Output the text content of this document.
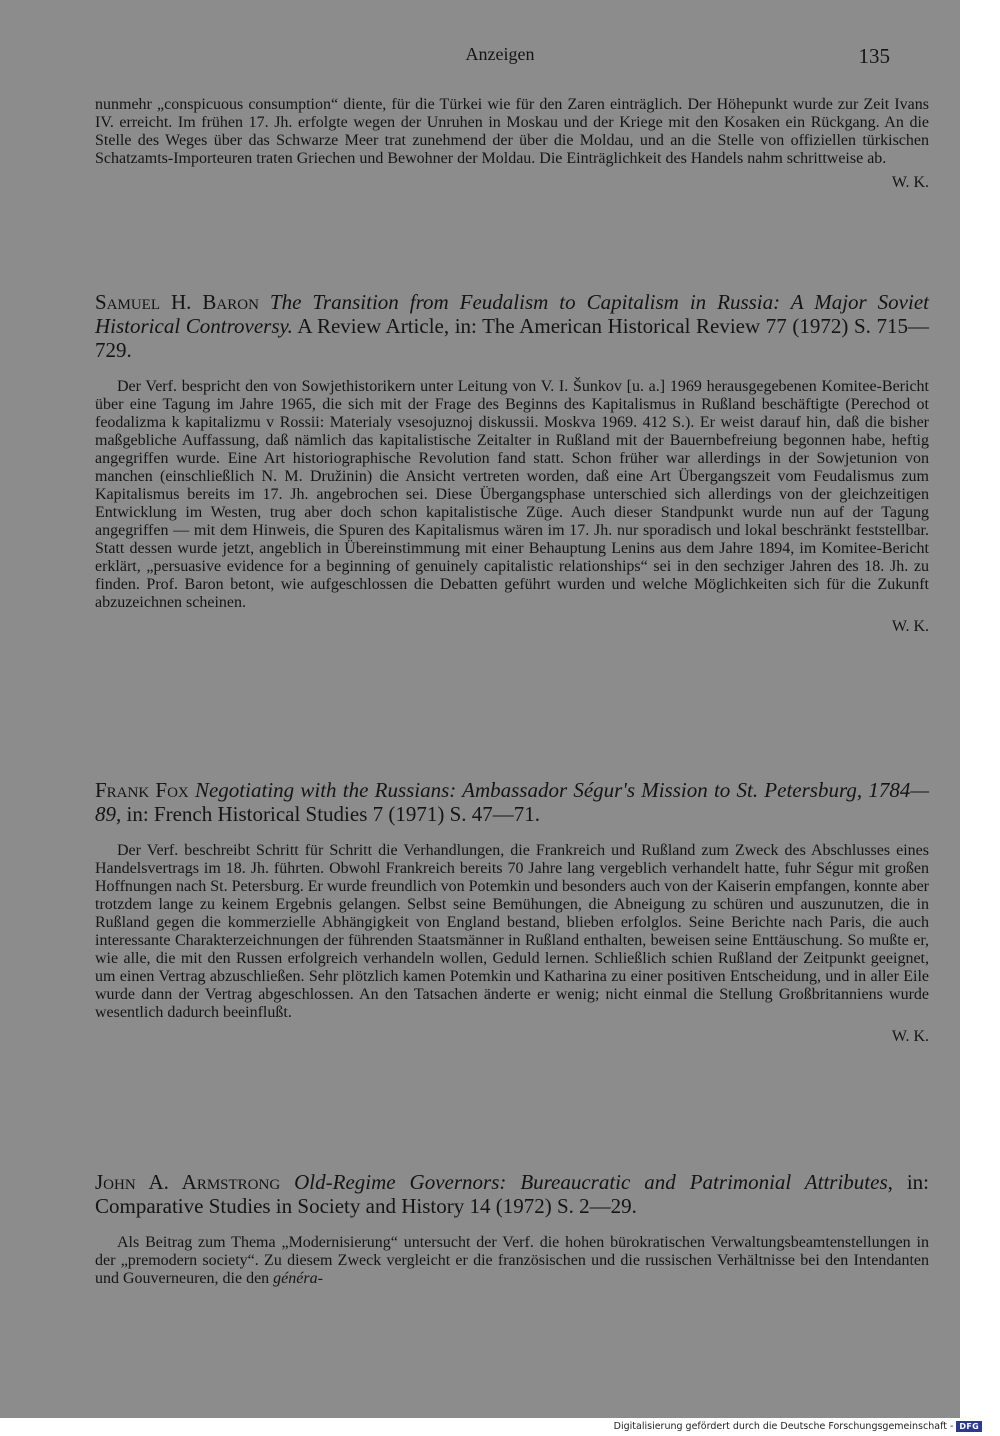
Anzeigen	135

nunmehr „conspicuous consumption“ diente, für die Türkei wie für den Zaren einträglich. Der Höhepunkt wurde zur Zeit Ivans IV. erreicht. Im frühen 17. Jh. erfolgte wegen der Unruhen in Moskau und der Kriege mit den Kosaken ein Rückgang. An die Stelle des Weges über das Schwarze Meer trat zunehmend der über die Moldau, und an die Stelle von offiziellen türkischen Schatzamts-Importeuren traten Griechen und Bewohner der Moldau. Die Einträglichkeit des Handels nahm schrittweise ab.

W. K.

Samuel H. Baron The Transition from Feudalism to Capitalism in Russia: A Major Soviet Historical Controversy. A Review Article, in: The American Historical Review 77 (1972) S. 715—729.

Der Verf. bespricht den von Sowjethistorikern unter Leitung von V. I. Šunkov [u. a.] 1969 herausgegebenen Komitee-Bericht über eine Tagung im Jahre 1965, die sich mit der Frage des Beginns des Kapitalismus in Rußland beschäftigte (Perechod ot feodalizma k kapitalizmu v Rossii: Materialy vsesojuznoj diskussii. Moskva 1969. 412 S.). Er weist darauf hin, daß die bisher maßgebliche Auffassung, daß nämlich das kapitalistische Zeitalter in Rußland mit der Bauernbefreiung begonnen habe, heftig angegriffen wurde. Eine Art historiographische Revolution fand statt. Schon früher war allerdings in der Sowjetunion von manchen (einschließlich N. M. Družinin) die Ansicht vertreten worden, daß eine Art Übergangszeit vom Feudalismus zum Kapitalismus bereits im 17. Jh. angebrochen sei. Diese Übergangsphase unterschied sich allerdings von der gleichzeitigen Entwicklung im Westen, trug aber doch schon kapitalistische Züge. Auch dieser Standpunkt wurde nun auf der Tagung angegriffen — mit dem Hinweis, die Spuren des Kapitalismus wären im 17. Jh. nur sporadisch und lokal beschränkt feststellbar. Statt dessen wurde jetzt, angeblich in Übereinstimmung mit einer Behauptung Lenins aus dem Jahre 1894, im Komitee-Bericht erklärt, „persuasive evidence for a beginning of genuinely capitalistic relationships“ sei in den sechziger Jahren des 18. Jh. zu finden. Prof. Baron betont, wie aufgeschlossen die Debatten geführt wurden und welche Möglichkeiten sich für die Zukunft abzuzeichnen scheinen.

W. K.

Frank Fox Negotiating with the Russians: Ambassador Ségur's Mission to St. Petersburg, 1784—89, in: French Historical Studies 7 (1971) S. 47—71.

Der Verf. beschreibt Schritt für Schritt die Verhandlungen, die Frankreich und Rußland zum Zweck des Abschlusses eines Handelsvertrags im 18. Jh. führten. Obwohl Frankreich bereits 70 Jahre lang vergeblich verhandelt hatte, fuhr Ségur mit großen Hoffnungen nach St. Petersburg. Er wurde freundlich von Potemkin und besonders auch von der Kaiserin empfangen, konnte aber trotzdem lange zu keinem Ergebnis gelangen. Selbst seine Bemühungen, die Abneigung zu schüren und auszunutzen, die in Rußland gegen die kommerzielle Abhängigkeit von England bestand, blieben erfolglos. Seine Berichte nach Paris, die auch interessante Charakterzeichnungen der führenden Staatsmänner in Rußland enthalten, beweisen seine Enttäuschung. So mußte er, wie alle, die mit den Russen erfolgreich verhandeln wollen, Geduld lernen. Schließlich schien Rußland der Zeitpunkt geeignet, um einen Vertrag abzuschließen. Sehr plötzlich kamen Potemkin und Katharina zu einer positiven Entscheidung, und in aller Eile wurde dann der Vertrag abgeschlossen. An den Tatsachen änderte er wenig; nicht einmal die Stellung Großbritanniens wurde wesentlich dadurch beeinflußt.

W. K.

John A. Armstrong Old-Regime Governors: Bureaucratic and Patrimonial Attributes, in: Comparative Studies in Society and History 14 (1972) S. 2—29.

Als Beitrag zum Thema „Modernisierung“ untersucht der Verf. die hohen bürokratischen Verwaltungsbeamtenstellungen in der „premodern society“. Zu diesem Zweck vergleicht er die französischen und die russischen Verhältnisse bei den Intendanten und Gouverneuren, die den généra-

Digitalisierung gefördert durch die Deutsche Forschungsgemeinschaft - DFG
